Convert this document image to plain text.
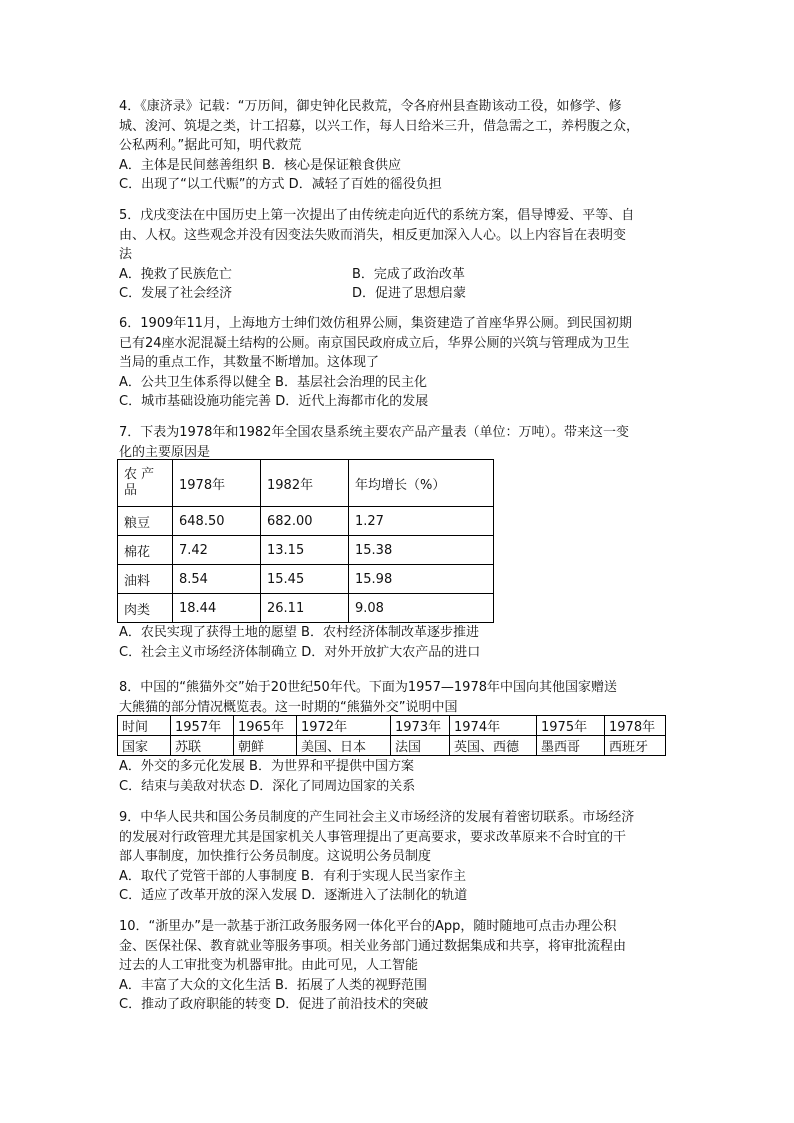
4．《康济录》记载：“万历间，御史钟化民救荒，令各府州县查勘该动工役，如修学、修

城、浚河、筑堤之类，计工招募，以兴工作，每人日给米三升，借急需之工，养枵腹之众，

公私两利。”据此可知，明代救荒

A．主体是民间慈善组织 B．核心是保证粮食供应

C．出现了“以工代赈”的方式 D．减轻了百姓的徭役负担

5．戊戌变法在中国历史上第一次提出了由传统走向近代的系统方案，倡导博爱、平等、自

由、人权。这些观念并没有因变法失败而消失，相反更加深入人心。以上内容旨在表明变

法

A．挽救了民族危亡	B．完成了政治改革
C．发展了社会经济	D．促进了思想启蒙

6．1909年11月，上海地方士绅们效仿租界公厕，集资建造了首座华界公厕。到民国初期

已有24座水泥混凝土结构的公厕。南京国民政府成立后，华界公厕的兴筑与管理成为卫生

当局的重点工作，其数量不断增加。这体现了

A．公共卫生体系得以健全 B．基层社会治理的民主化

C．城市基础设施功能完善 D．近代上海都市化的发展

7．下表为1978年和1982年全国农垦系统主要农产品产量表（单位：万吨）。带来这一变

化的主要原因是

农 产
品	1978年	1982年	年均增长（%）
粮豆	648.50	682.00	1.27
棉花	7.42	13.15	15.38
油料	8.54	15.45	15.98
肉类	18.44	26.11	9.08

A．农民实现了获得土地的愿望 B．农村经济体制改革逐步推进

C．社会主义市场经济体制确立 D．对外开放扩大农产品的进口

8．中国的“熊猫外交”始于20世纪50年代。下面为1957—1978年中国向其他国家赠送

大熊猫的部分情况概览表。这一时期的“熊猫外交”说明中国

时间	1957年	1965年	1972年	1973年	1974年	1975年	1978年
国家	苏联	朝鲜	美国、日本	法国	英国、西德	墨西哥	西班牙

A．外交的多元化发展 B．为世界和平提供中国方案

C．结束与美敌对状态 D．深化了同周边国家的关系

9．中华人民共和国公务员制度的产生同社会主义市场经济的发展有着密切联系。市场经济

的发展对行政管理尤其是国家机关人事管理提出了更高要求，要求改革原来不合时宜的干

部人事制度，加快推行公务员制度。这说明公务员制度

A．取代了党管干部的人事制度 B．有利于实现人民当家作主

C．适应了改革开放的深入发展 D．逐渐进入了法制化的轨道

10．“浙里办”是一款基于浙江政务服务网一体化平台的App，随时随地可点击办理公积

金、医保社保、教育就业等服务事项。相关业务部门通过数据集成和共享，将审批流程由

过去的人工审批变为机器审批。由此可见，人工智能

A．丰富了大众的文化生活 B．拓展了人类的视野范围

C．推动了政府职能的转变 D．促进了前沿技术的突破
